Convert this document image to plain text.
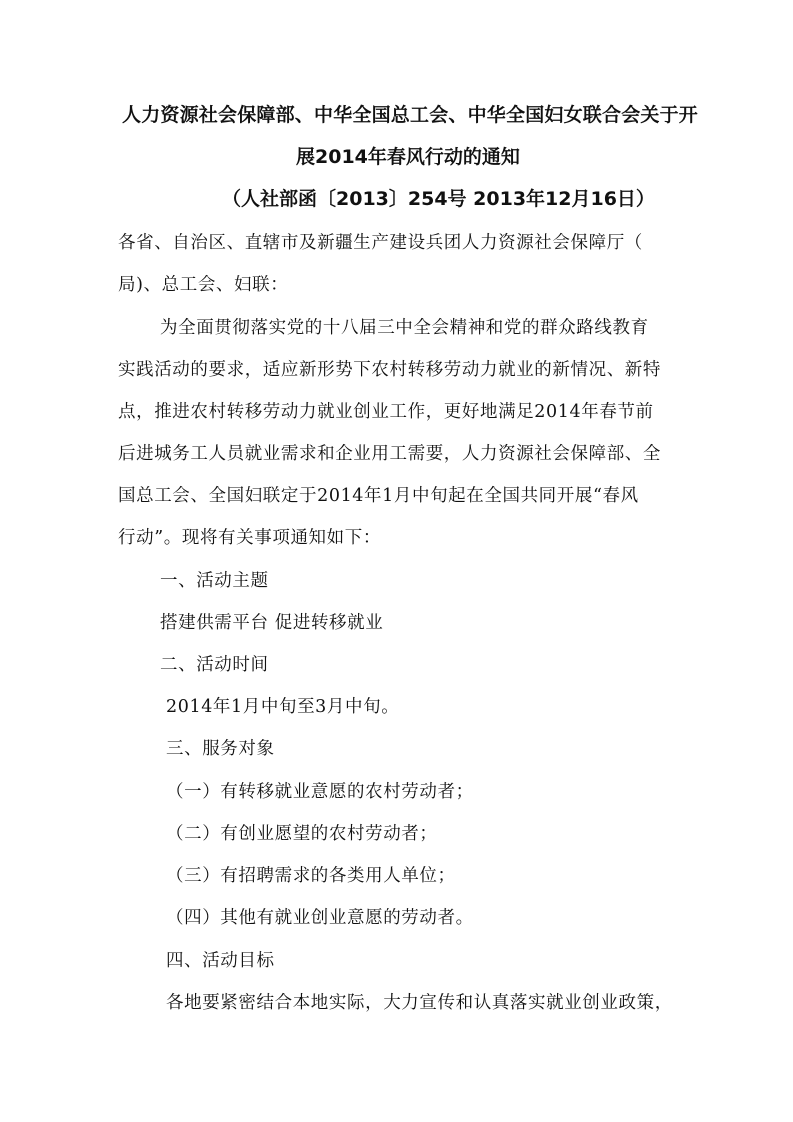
人力资源社会保障部、中华全国总工会、中华全国妇女联合会关于开

展2014年春风行动的通知

（人社部函〔2013〕254号 2013年12月16日）

各省、自治区、直辖市及新疆生产建设兵团人力资源社会保障厅（

局)、总工会、妇联：

为全面贯彻落实党的十八届三中全会精神和党的群众路线教育

实践活动的要求，适应新形势下农村转移劳动力就业的新情况、新特

点，推进农村转移劳动力就业创业工作，更好地满足2014年春节前

后进城务工人员就业需求和企业用工需要，人力资源社会保障部、全

国总工会、全国妇联定于2014年1月中旬起在全国共同开展“春风

行动”。现将有关事项通知如下：

一、活动主题

搭建供需平台 促进转移就业

二、活动时间

2014年1月中旬至3月中旬。

三、服务对象

（一）有转移就业意愿的农村劳动者；

（二）有创业愿望的农村劳动者；

（三）有招聘需求的各类用人单位；

（四）其他有就业创业意愿的劳动者。

四、活动目标

各地要紧密结合本地实际，大力宣传和认真落实就业创业政策，
